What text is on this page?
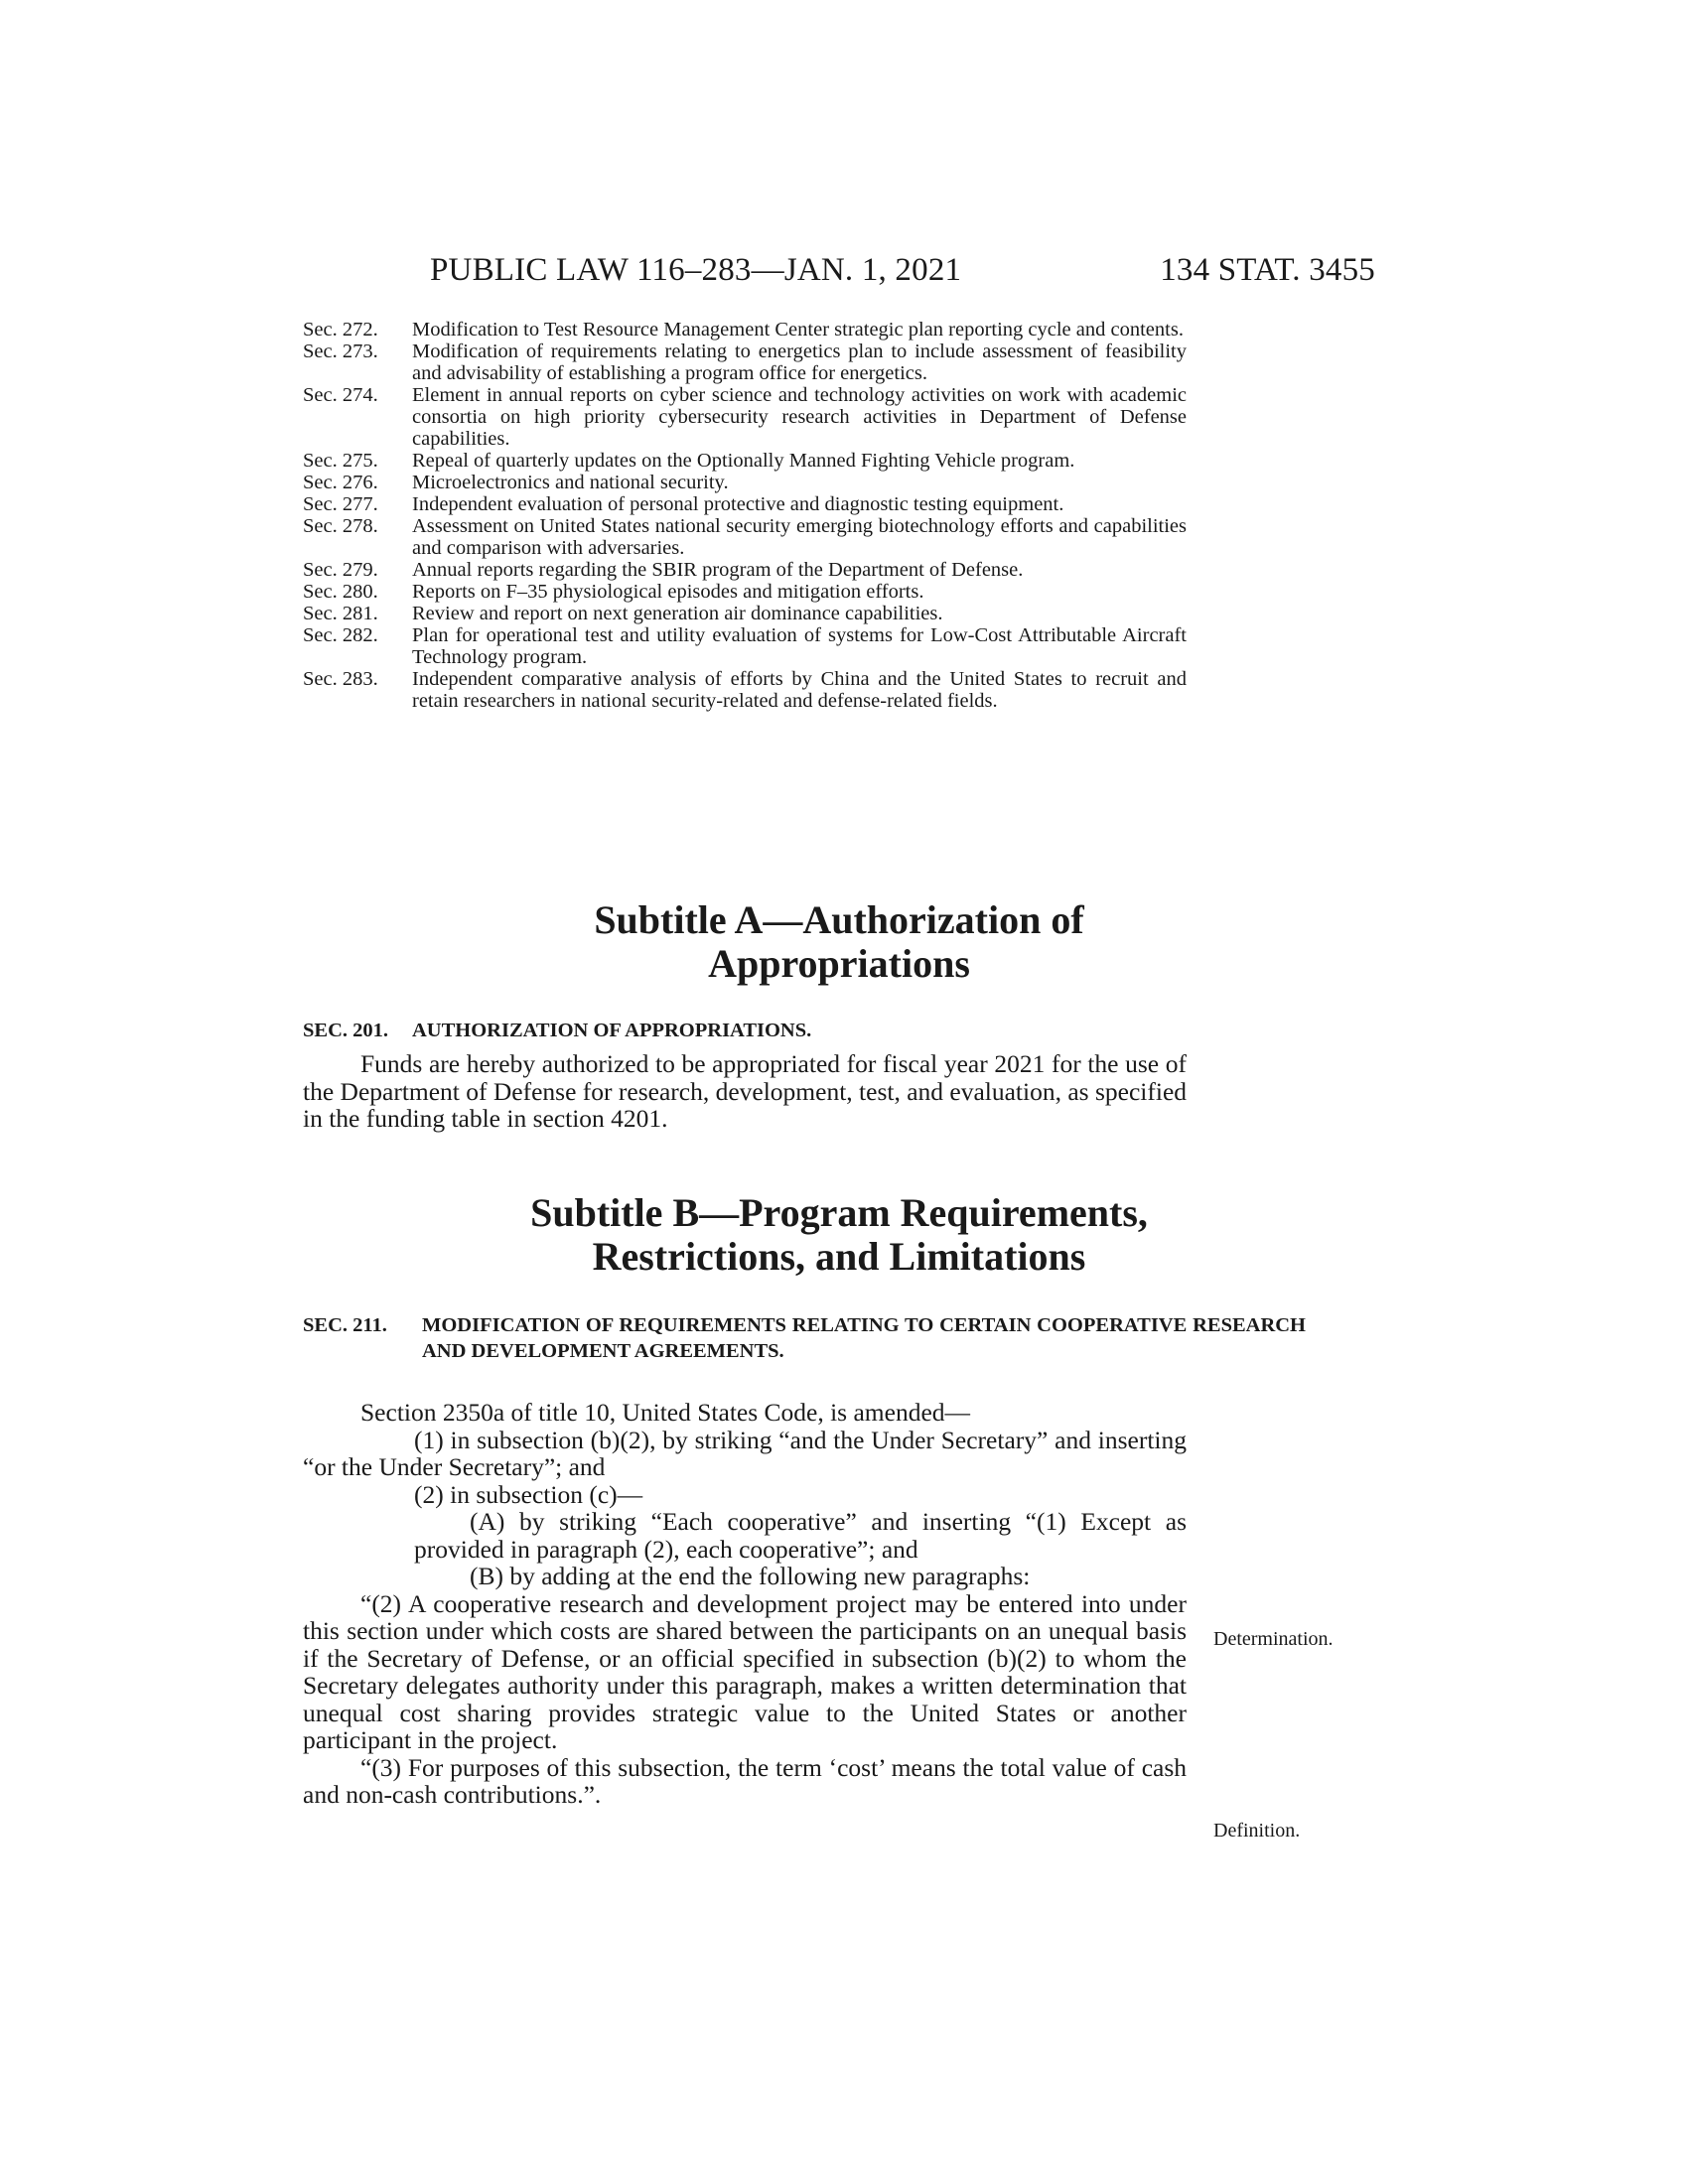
PUBLIC LAW 116–283—JAN. 1, 2021	134 STAT. 3455
Sec. 272. Modification to Test Resource Management Center strategic plan reporting cycle and contents.
Sec. 273. Modification of requirements relating to energetics plan to include assessment of feasibility and advisability of establishing a program office for energetics.
Sec. 274. Element in annual reports on cyber science and technology activities on work with academic consortia on high priority cybersecurity research activities in Department of Defense capabilities.
Sec. 275. Repeal of quarterly updates on the Optionally Manned Fighting Vehicle program.
Sec. 276. Microelectronics and national security.
Sec. 277. Independent evaluation of personal protective and diagnostic testing equipment.
Sec. 278. Assessment on United States national security emerging biotechnology efforts and capabilities and comparison with adversaries.
Sec. 279. Annual reports regarding the SBIR program of the Department of Defense.
Sec. 280. Reports on F–35 physiological episodes and mitigation efforts.
Sec. 281. Review and report on next generation air dominance capabilities.
Sec. 282. Plan for operational test and utility evaluation of systems for Low-Cost Attributable Aircraft Technology program.
Sec. 283. Independent comparative analysis of efforts by China and the United States to recruit and retain researchers in national security-related and defense-related fields.
Subtitle A—Authorization of
Appropriations
SEC. 201. AUTHORIZATION OF APPROPRIATIONS.

Funds are hereby authorized to be appropriated for fiscal year 2021 for the use of the Department of Defense for research, development, test, and evaluation, as specified in the funding table in section 4201.

Subtitle B—Program Requirements,
Restrictions, and Limitations
SEC. 211. MODIFICATION OF REQUIREMENTS RELATING TO CERTAIN COOPERATIVE RESEARCH AND DEVELOPMENT AGREEMENTS.

Section 2350a of title 10, United States Code, is amended—

(1) in subsection (b)(2), by striking “and the Under Secretary” and inserting “or the Under Secretary”; and

(2) in subsection (c)—

(A) by striking “Each cooperative” and inserting “(1) Except as provided in paragraph (2), each cooperative”; and

(B) by adding at the end the following new paragraphs:

“(2) A cooperative research and development project may be entered into under this section under which costs are shared between the participants on an unequal basis if the Secretary of Defense, or an official specified in subsection (b)(2) to whom the Secretary delegates authority under this paragraph, makes a written determination that unequal cost sharing provides strategic value to the United States or another participant in the project.

“(3) For purposes of this subsection, the term ‘cost’ means the total value of cash and non-cash contributions.”.

Determination.
Definition.
